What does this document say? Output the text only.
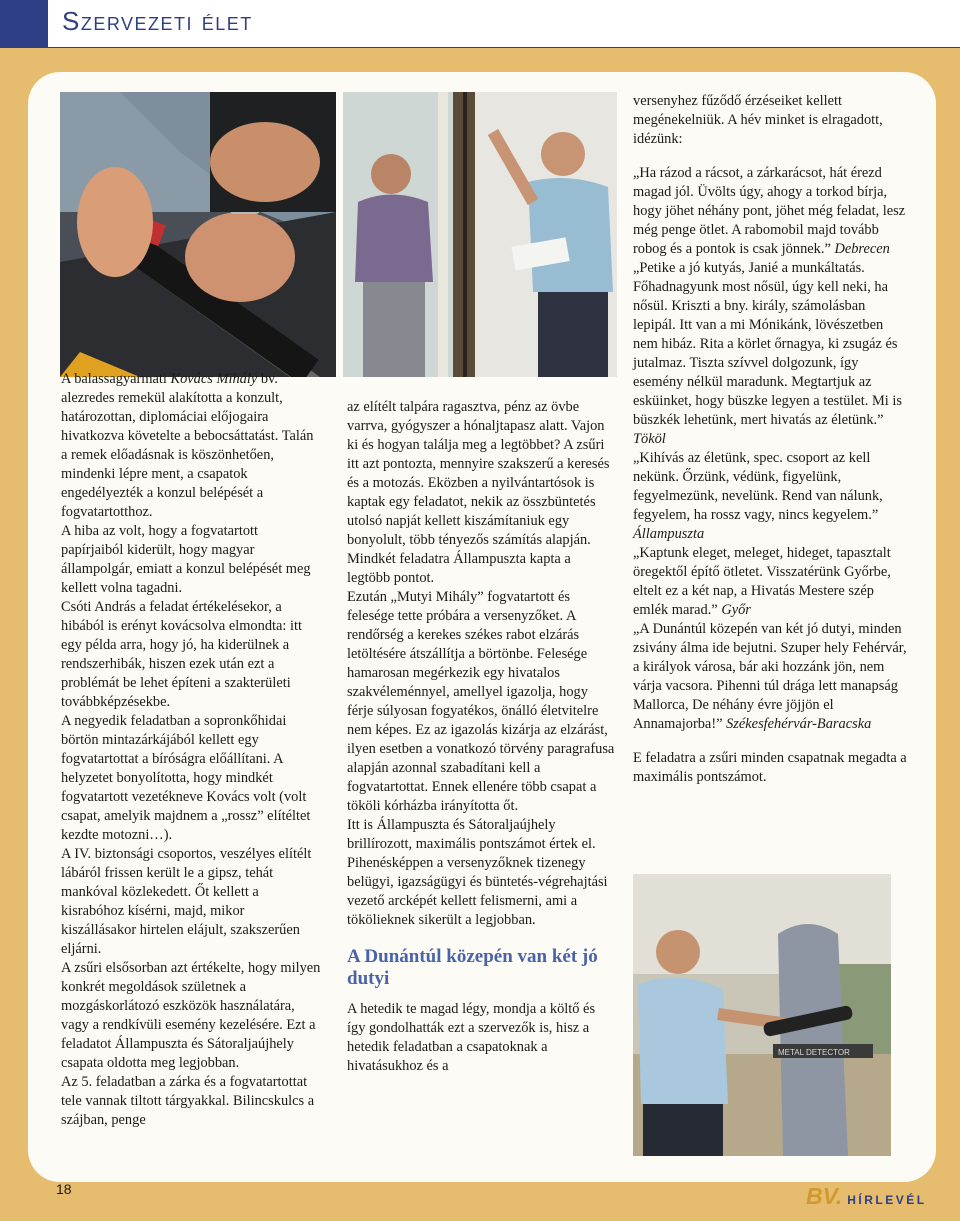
Szervezeti élet
METAL DETECTOR

A balassagyarmati Kovács Mihály bv. alezredes remekül alakította a konzult, határozottan, diplomáciai előjogaira hivatkozva követelte a bebocsáttatást. Talán a remek előadásnak is köszönhetően, mindenki lépre ment, a csapatok engedélyezték a konzul belépését a fogvatartotthoz.

A hiba az volt, hogy a fogvatartott papírjaiból kiderült, hogy magyar állampolgár, emiatt a konzul belépését meg kellett volna tagadni.

Csóti András a feladat értékelésekor, a hibából is erényt kovácsolva elmondta: itt egy példa arra, hogy jó, ha kiderülnek a rendszerhibák, hiszen ezek után ezt a problémát be lehet építeni a szakterületi továbbképzésekbe.

A negyedik feladatban a sopronkőhidai börtön mintazárkájából kellett egy fogvatartottat a bíróságra előállítani. A helyzetet bonyolította, hogy mindkét fogvatartott vezetékneve Kovács volt (volt csapat, amelyik majdnem a „rossz” elítéltet kezdte motozni…).

A IV. biztonsági csoportos, veszélyes elítélt lábáról frissen került le a gipsz, tehát mankóval közlekedett. Őt kellett a kisrabóhoz kísérni, majd, mikor kiszállásakor hirtelen elájult, szakszerűen eljárni.

A zsűri elsősorban azt értékelte, hogy milyen konkrét megoldások születnek a mozgáskorlátozó eszközök használatára, vagy a rendkívüli esemény kezelésére. Ezt a feladatot Állampuszta és Sátoraljaújhely csapata oldotta meg legjobban.

Az 5. feladatban a zárka és a fogvatartottat tele vannak tiltott tárgyakkal. Bilincskulcs a szájban, penge

az elítélt talpára ragasztva, pénz az övbe varrva, gyógyszer a hónaljtapasz alatt. Vajon ki és hogyan találja meg a legtöbbet? A zsűri itt azt pontozta, mennyire szakszerű a keresés és a motozás. Eközben a nyilvántartósok is kaptak egy feladatot, nekik az összbüntetés utolsó napját kellett kiszámítaniuk egy bonyolult, több tényezős számítás alapján. Mindkét feladatra Állampuszta kapta a legtöbb pontot.

Ezután „Mutyi Mihály” fogvatartott és felesége tette próbára a versenyzőket. A rendőrség a kerekes székes rabot elzárás letöltésére átszállítja a börtönbe. Felesége hamarosan megérkezik egy hivatalos szakvéleménnyel, amellyel igazolja, hogy férje súlyosan fogyatékos, önálló életvitelre nem képes. Ez az igazolás kizárja az elzárást, ilyen esetben a vonatkozó törvény paragrafusa alapján azonnal szabadítani kell a fogvatartottat. Ennek ellenére több csapat a tököli kórházba irányította őt.

Itt is Állampuszta és Sátoraljaújhely brillírozott, maximális pontszámot értek el. Pihenésképpen a versenyzőknek tizenegy belügyi, igazságügyi és büntetés-végrehajtási vezető arcképét kellett felismerni, ami a tökölieknek sikerült a legjobban.

A Dunántúl közepén van két jó dutyi

A hetedik te magad légy, mondja a költő és így gondolhatták ezt a szervezők is, hisz a hetedik feladatban a csapatoknak a hivatásukhoz és a

versenyhez fűződő érzéseiket kellett megénekelniük. A hév minket is elragadott, idézünk:

„Ha rázod a rácsot, a zárkarácsot, hát érezd magad jól. Üvölts úgy, ahogy a torkod bírja, hogy jöhet néhány pont, jöhet még feladat, lesz még penge ötlet. A rabomobil majd tovább robog és a pontok is csak jönnek.” Debrecen

„Petike a jó kutyás, Janié a munkáltatás. Főhadnagyunk most nősül, úgy kell neki, ha nősül. Kriszti a bny. király, számolásban lepipál. Itt van a mi Mónikánk, lövészetben nem hibáz. Rita a körlet őrnagya, ki zsugáz és jutalmaz. Tiszta szívvel dolgozunk, így esemény nélkül maradunk. Megtartjuk az esküinket, hogy büszke legyen a testület. Mi is büszkék lehetünk, mert hivatás az életünk.” Tököl

„Kihívás az életünk, spec. csoport az kell nekünk. Őrzünk, védünk, figyelünk, fegyelmezünk, nevelünk. Rend van nálunk, fegyelem, ha rossz vagy, nincs kegyelem.” Állampuszta

„Kaptunk eleget, meleget, hideget, tapasztalt öregektől építő ötletet. Visszatérünk Győrbe, eltelt ez a két nap, a Hivatás Mestere szép emlék marad.” Győr

„A Dunántúl közepén van két jó dutyi, minden zsivány álma ide bejutni. Szuper hely Fehérvár, a királyok városa, bár aki hozzánk jön, nem várja vacsora. Pihenni túl drága lett manapság Mallorca, De néhány évre jöjjön el Annamajorba!” Székesfehérvár-Baracska

E feladatra a zsűri minden csapatnak megadta a maximális pontszámot.

18	BV. HÍRLEVÉL
